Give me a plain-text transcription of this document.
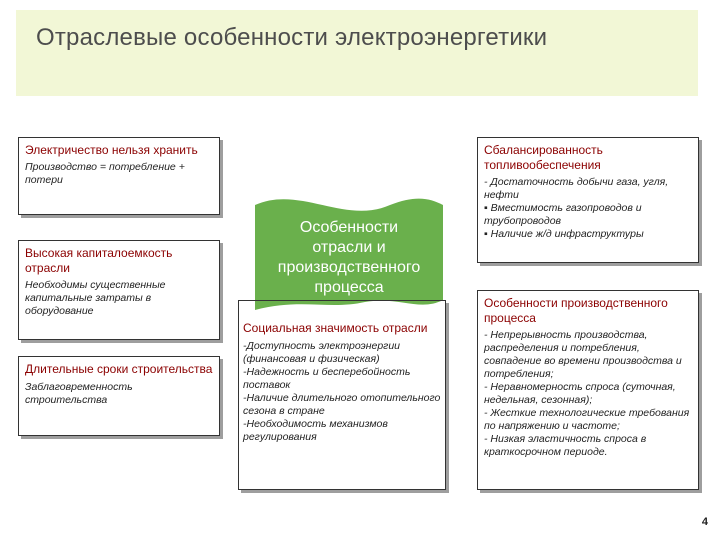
Отраслевые особенности электроэнергетики
Электричество нельзя хранить
Производство = потребление + потери
Высокая капиталоемкость отрасли
Необходимы существенные капитальные затраты в оборудование
Длительные сроки строительства
Заблаговременность строительства
Особенности
отрасли и
производственного
процесса
Социальная значимость отрасли
-Доступность электроэнергии (финансовая и физическая)
-Надежность и бесперебойность поставок
-Наличие длительного отопительного сезона в стране
-Необходимость механизмов регулирования
Сбалансированность топливообеспечения
- Достаточность добычи газа, угля, нефти
▪ Вместимость газопроводов и трубопроводов
▪ Наличие ж/д инфраструктуры
Особенности производственного процесса
- Непрерывность производства, распределения и потребления, совпадение во времени производства и потребления;
- Неравномерность спроса (суточная, недельная, сезонная);
- Жесткие технологические требования по напряжению и частоте;
- Низкая эластичность спроса в краткосрочном периоде.
4
